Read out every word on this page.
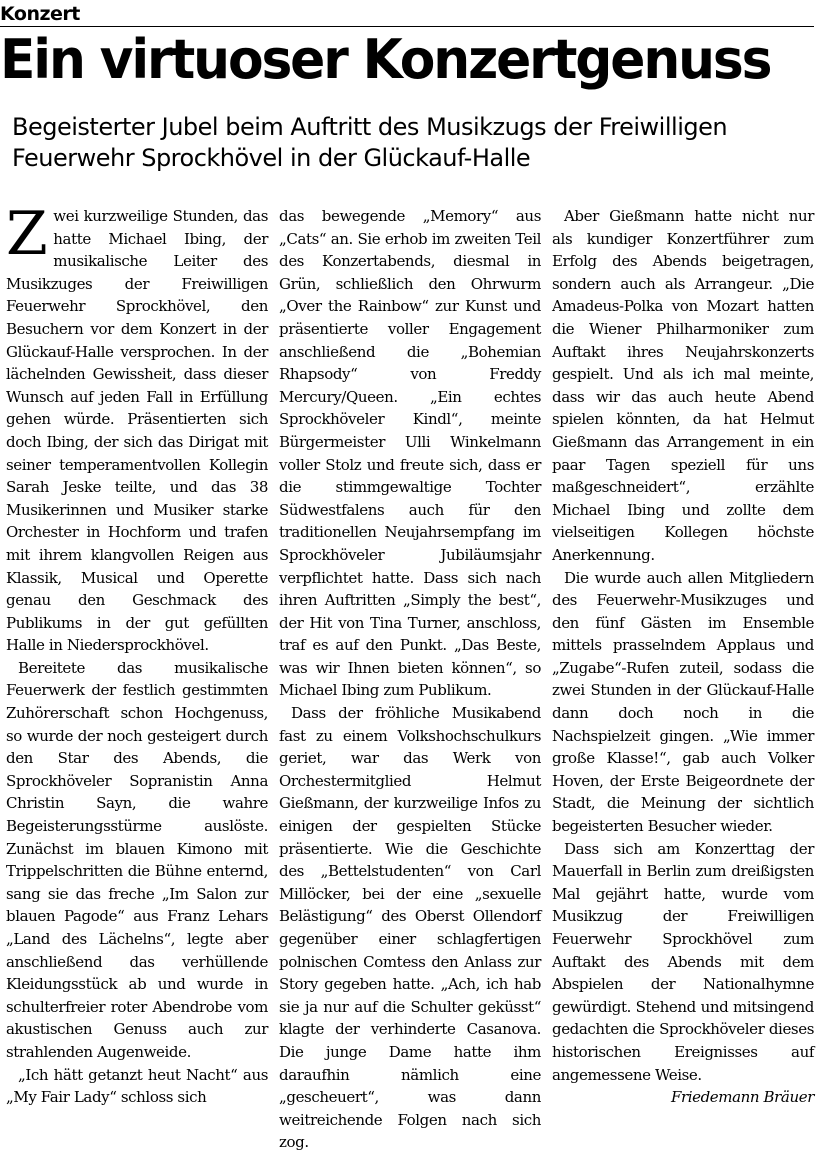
Konzert
Ein virtuoser Konzertgenuss
Begeisterter Jubel beim Auftritt des Musikzugs der Freiwilligen Feuerwehr Sprockhövel in der Glückauf-Halle

Z wei kurzweilige Stunden, das hatte Michael Ibing, der musikalische Leiter des Musikzuges der Freiwilligen Feuerwehr Sprockhövel, den Besuchern vor dem Konzert in der Glückauf-Halle versprochen. In der lächelnden Gewissheit, dass dieser Wunsch auf jeden Fall in Erfüllung gehen würde. Präsentierten sich doch Ibing, der sich das Dirigat mit seiner temperamentvollen Kollegin Sarah Jeske teilte, und das 38 Musikerinnen und Musiker starke Orchester in Hochform und trafen mit ihrem klangvollen Reigen aus Klassik, Musical und Operette genau den Geschmack des Publikums in der gut gefüllten Halle in Niedersprockhövel.

Bereitete das musikalische Feuerwerk der festlich gestimmten Zuhörerschaft schon Hochgenuss, so wurde der noch gesteigert durch den Star des Abends, die Sprockhöveler Sopranistin Anna Christin Sayn, die wahre Begeisterungsstürme auslöste. Zunächst im blauen Kimono mit Trippelschritten die Bühne enternd, sang sie das freche „Im Salon zur blauen Pagode“ aus Franz Lehars „Land des Lächelns“, legte aber anschließend das verhüllende Kleidungsstück ab und wurde in schulterfreier roter Abendrobe vom akustischen Genuss auch zur strahlenden Augenweide.

„Ich hätt getanzt heut Nacht“ aus „My Fair Lady“ schloss sich

das bewegende „Memory“ aus „Cats“ an. Sie erhob im zweiten Teil des Konzertabends, diesmal in Grün, schließlich den Ohrwurm „Over the Rainbow“ zur Kunst und präsentierte voller Engagement anschließend die „Bohemian Rhapsody“ von Freddy Mercury/Queen. „Ein echtes Sprockhöveler Kindl“, meinte Bürgermeister Ulli Winkelmann voller Stolz und freute sich, dass er die stimmgewaltige Tochter Südwestfalens auch für den traditionellen Neujahrsempfang im Sprockhöveler Jubiläumsjahr verpflichtet hatte. Dass sich nach ihren Auftritten „Simply the best“, der Hit von Tina Turner, anschloss, traf es auf den Punkt. „Das Beste, was wir Ihnen bieten können“, so Michael Ibing zum Publikum.

Dass der fröhliche Musikabend fast zu einem Volkshochschulkurs geriet, war das Werk von Orchestermitglied Helmut Gießmann, der kurzweilige Infos zu einigen der gespielten Stücke präsentierte. Wie die Geschichte des „Bettelstudenten“ von Carl Millöcker, bei der eine „sexuelle Belästigung“ des Oberst Ollendorf gegenüber einer schlagfertigen polnischen Comtess den Anlass zur Story gegeben hatte. „Ach, ich hab sie ja nur auf die Schulter geküsst“ klagte der verhinderte Casanova. Die junge Dame hatte ihm daraufhin nämlich eine „gescheuert“, was dann weitreichende Folgen nach sich zog.

Aber Gießmann hatte nicht nur als kundiger Konzertführer zum Erfolg des Abends beigetragen, sondern auch als Arrangeur. „Die Amadeus-Polka von Mozart hatten die Wiener Philharmoniker zum Auftakt ihres Neujahrskonzerts gespielt. Und als ich mal meinte, dass wir das auch heute Abend spielen könnten, da hat Helmut Gießmann das Arrangement in ein paar Tagen speziell für uns maßgeschneidert“, erzählte Michael Ibing und zollte dem vielseitigen Kollegen höchste Anerkennung.

Die wurde auch allen Mitgliedern des Feuerwehr-Musikzuges und den fünf Gästen im Ensemble mittels prasselndem Applaus und „Zugabe“-Rufen zuteil, sodass die zwei Stunden in der Glückauf-Halle dann doch noch in die Nachspielzeit gingen. „Wie immer große Klasse!“, gab auch Volker Hoven, der Erste Beigeordnete der Stadt, die Meinung der sichtlich begeisterten Besucher wieder.

Dass sich am Konzerttag der Mauerfall in Berlin zum dreißigsten Mal gejährt hatte, wurde vom Musikzug der Freiwilligen Feuerwehr Sprockhövel zum Auftakt des Abends mit dem Abspielen der Nationalhymne gewürdigt. Stehend und mitsingend gedachten die Sprockhöveler dieses historischen Ereignisses auf angemessene Weise.

Friedemann Bräuer
